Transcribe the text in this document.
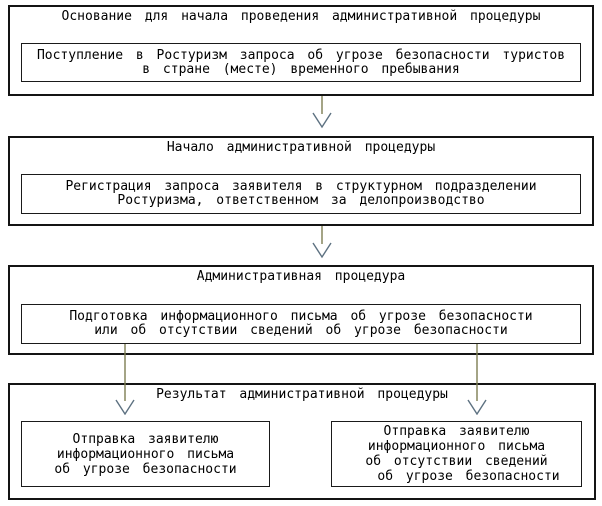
Основание для начала проведения административной процедуры
Поступление в Ростуризм запроса об угрозе безопасности туристов
в стране (месте) временного пребывания
Начало административной процедуры
Регистрация запроса заявителя в структурном подразделении
Ростуризма, ответственном за делопроизводство
Административная процедура
Подготовка информационного письма об угрозе безопасности
или об отсутствии сведений об угрозе безопасности
Результат административной процедуры
Отправка заявителю
информационного письма
об угрозе безопасности
Отправка заявителю
информационного письма
об отсутствии сведений
об угрозе безопасности
